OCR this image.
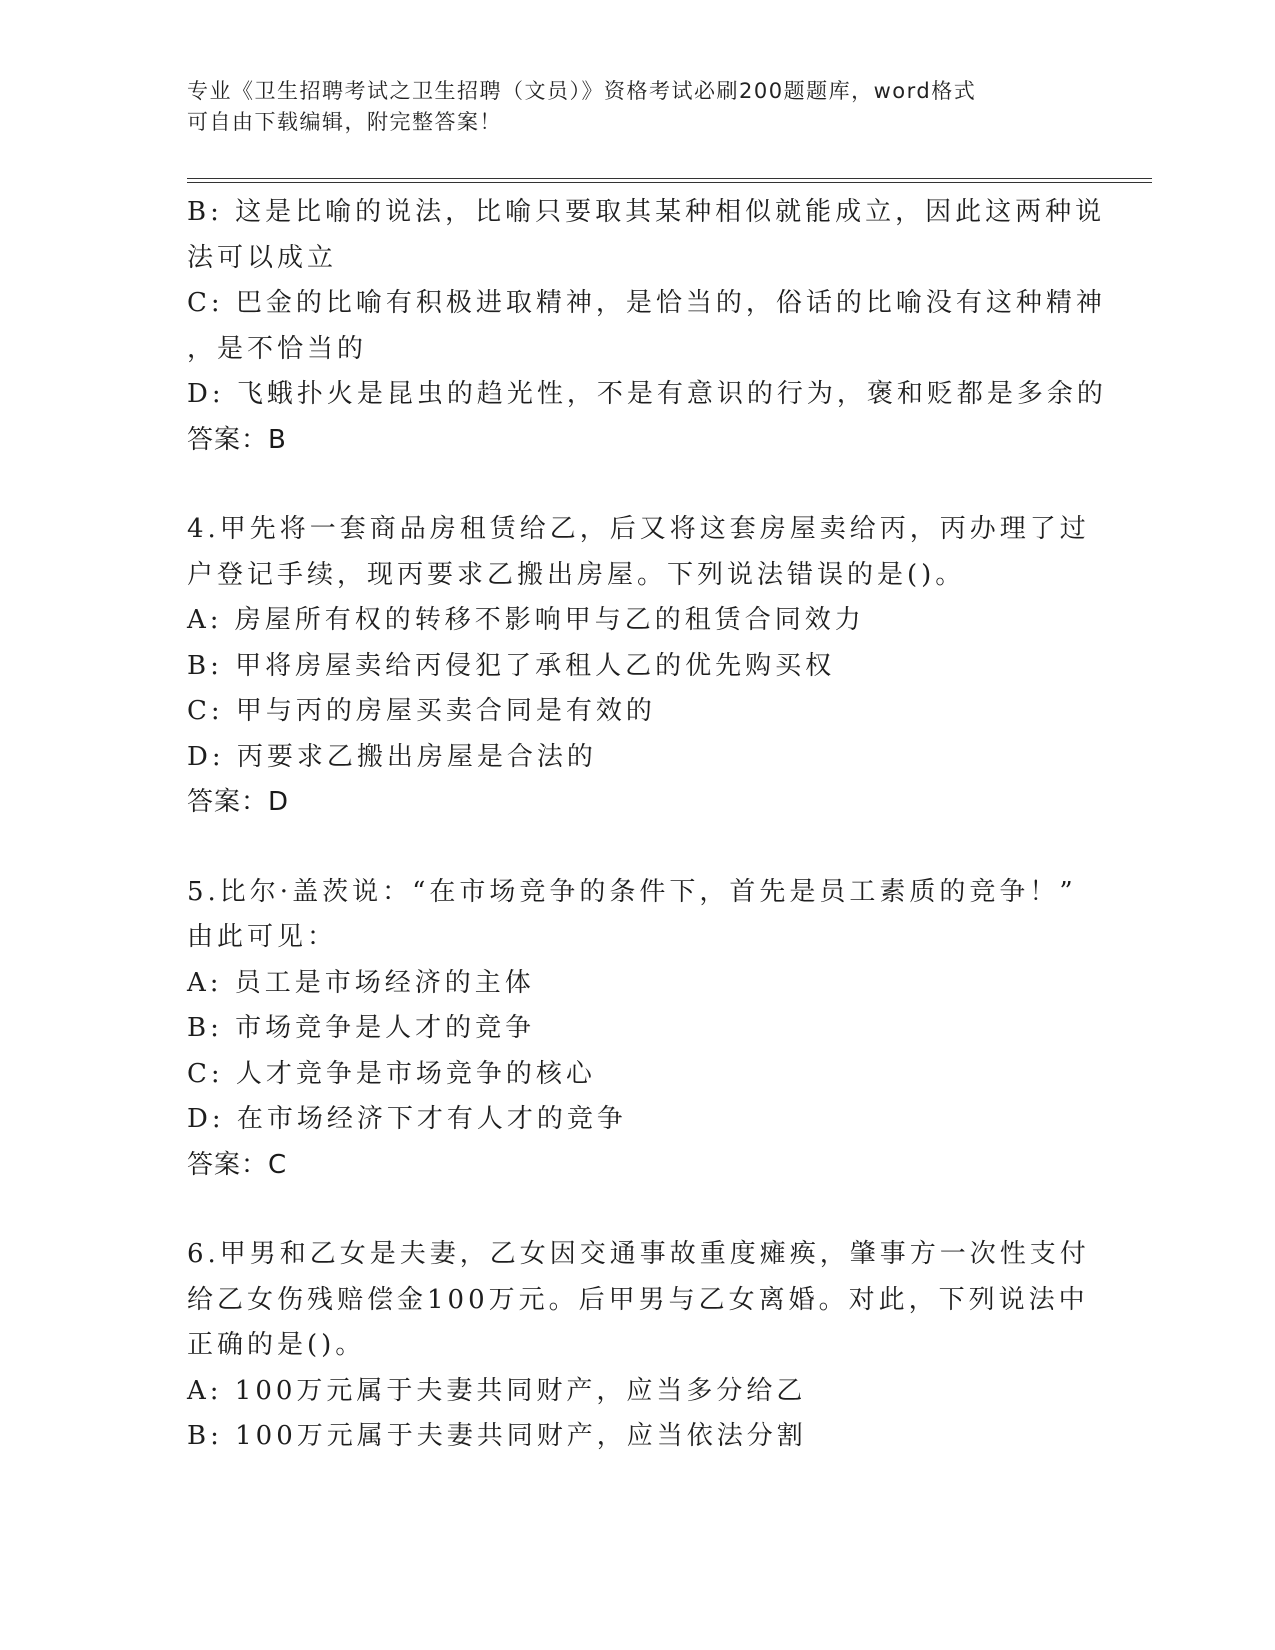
专业《卫生招聘考试之卫生招聘（文员）》资格考试必刷200题题库，word格式
可自由下载编辑，附完整答案！
B: 这是比喻的说法，比喻只要取其某种相似就能成立，因此这两种说
法可以成立
C: 巴金的比喻有积极进取精神，是恰当的，俗话的比喻没有这种精神
，是不恰当的
D: 飞蛾扑火是昆虫的趋光性，不是有意识的行为，褒和贬都是多余的
答案：B
4.甲先将一套商品房租赁给乙，后又将这套房屋卖给丙，丙办理了过
户登记手续，现丙要求乙搬出房屋。下列说法错误的是()。
A: 房屋所有权的转移不影响甲与乙的租赁合同效力
B: 甲将房屋卖给丙侵犯了承租人乙的优先购买权
C: 甲与丙的房屋买卖合同是有效的
D: 丙要求乙搬出房屋是合法的
答案：D
5.比尔·盖茨说：“在市场竞争的条件下，首先是员工素质的竞争！”
由此可见：
A: 员工是市场经济的主体
B: 市场竞争是人才的竞争
C: 人才竞争是市场竞争的核心
D: 在市场经济下才有人才的竞争
答案：C
6.甲男和乙女是夫妻，乙女因交通事故重度瘫痪，肇事方一次性支付
给乙女伤残赔偿金100万元。后甲男与乙女离婚。对此，下列说法中
正确的是()。
A: 100万元属于夫妻共同财产，应当多分给乙
B: 100万元属于夫妻共同财产，应当依法分割
